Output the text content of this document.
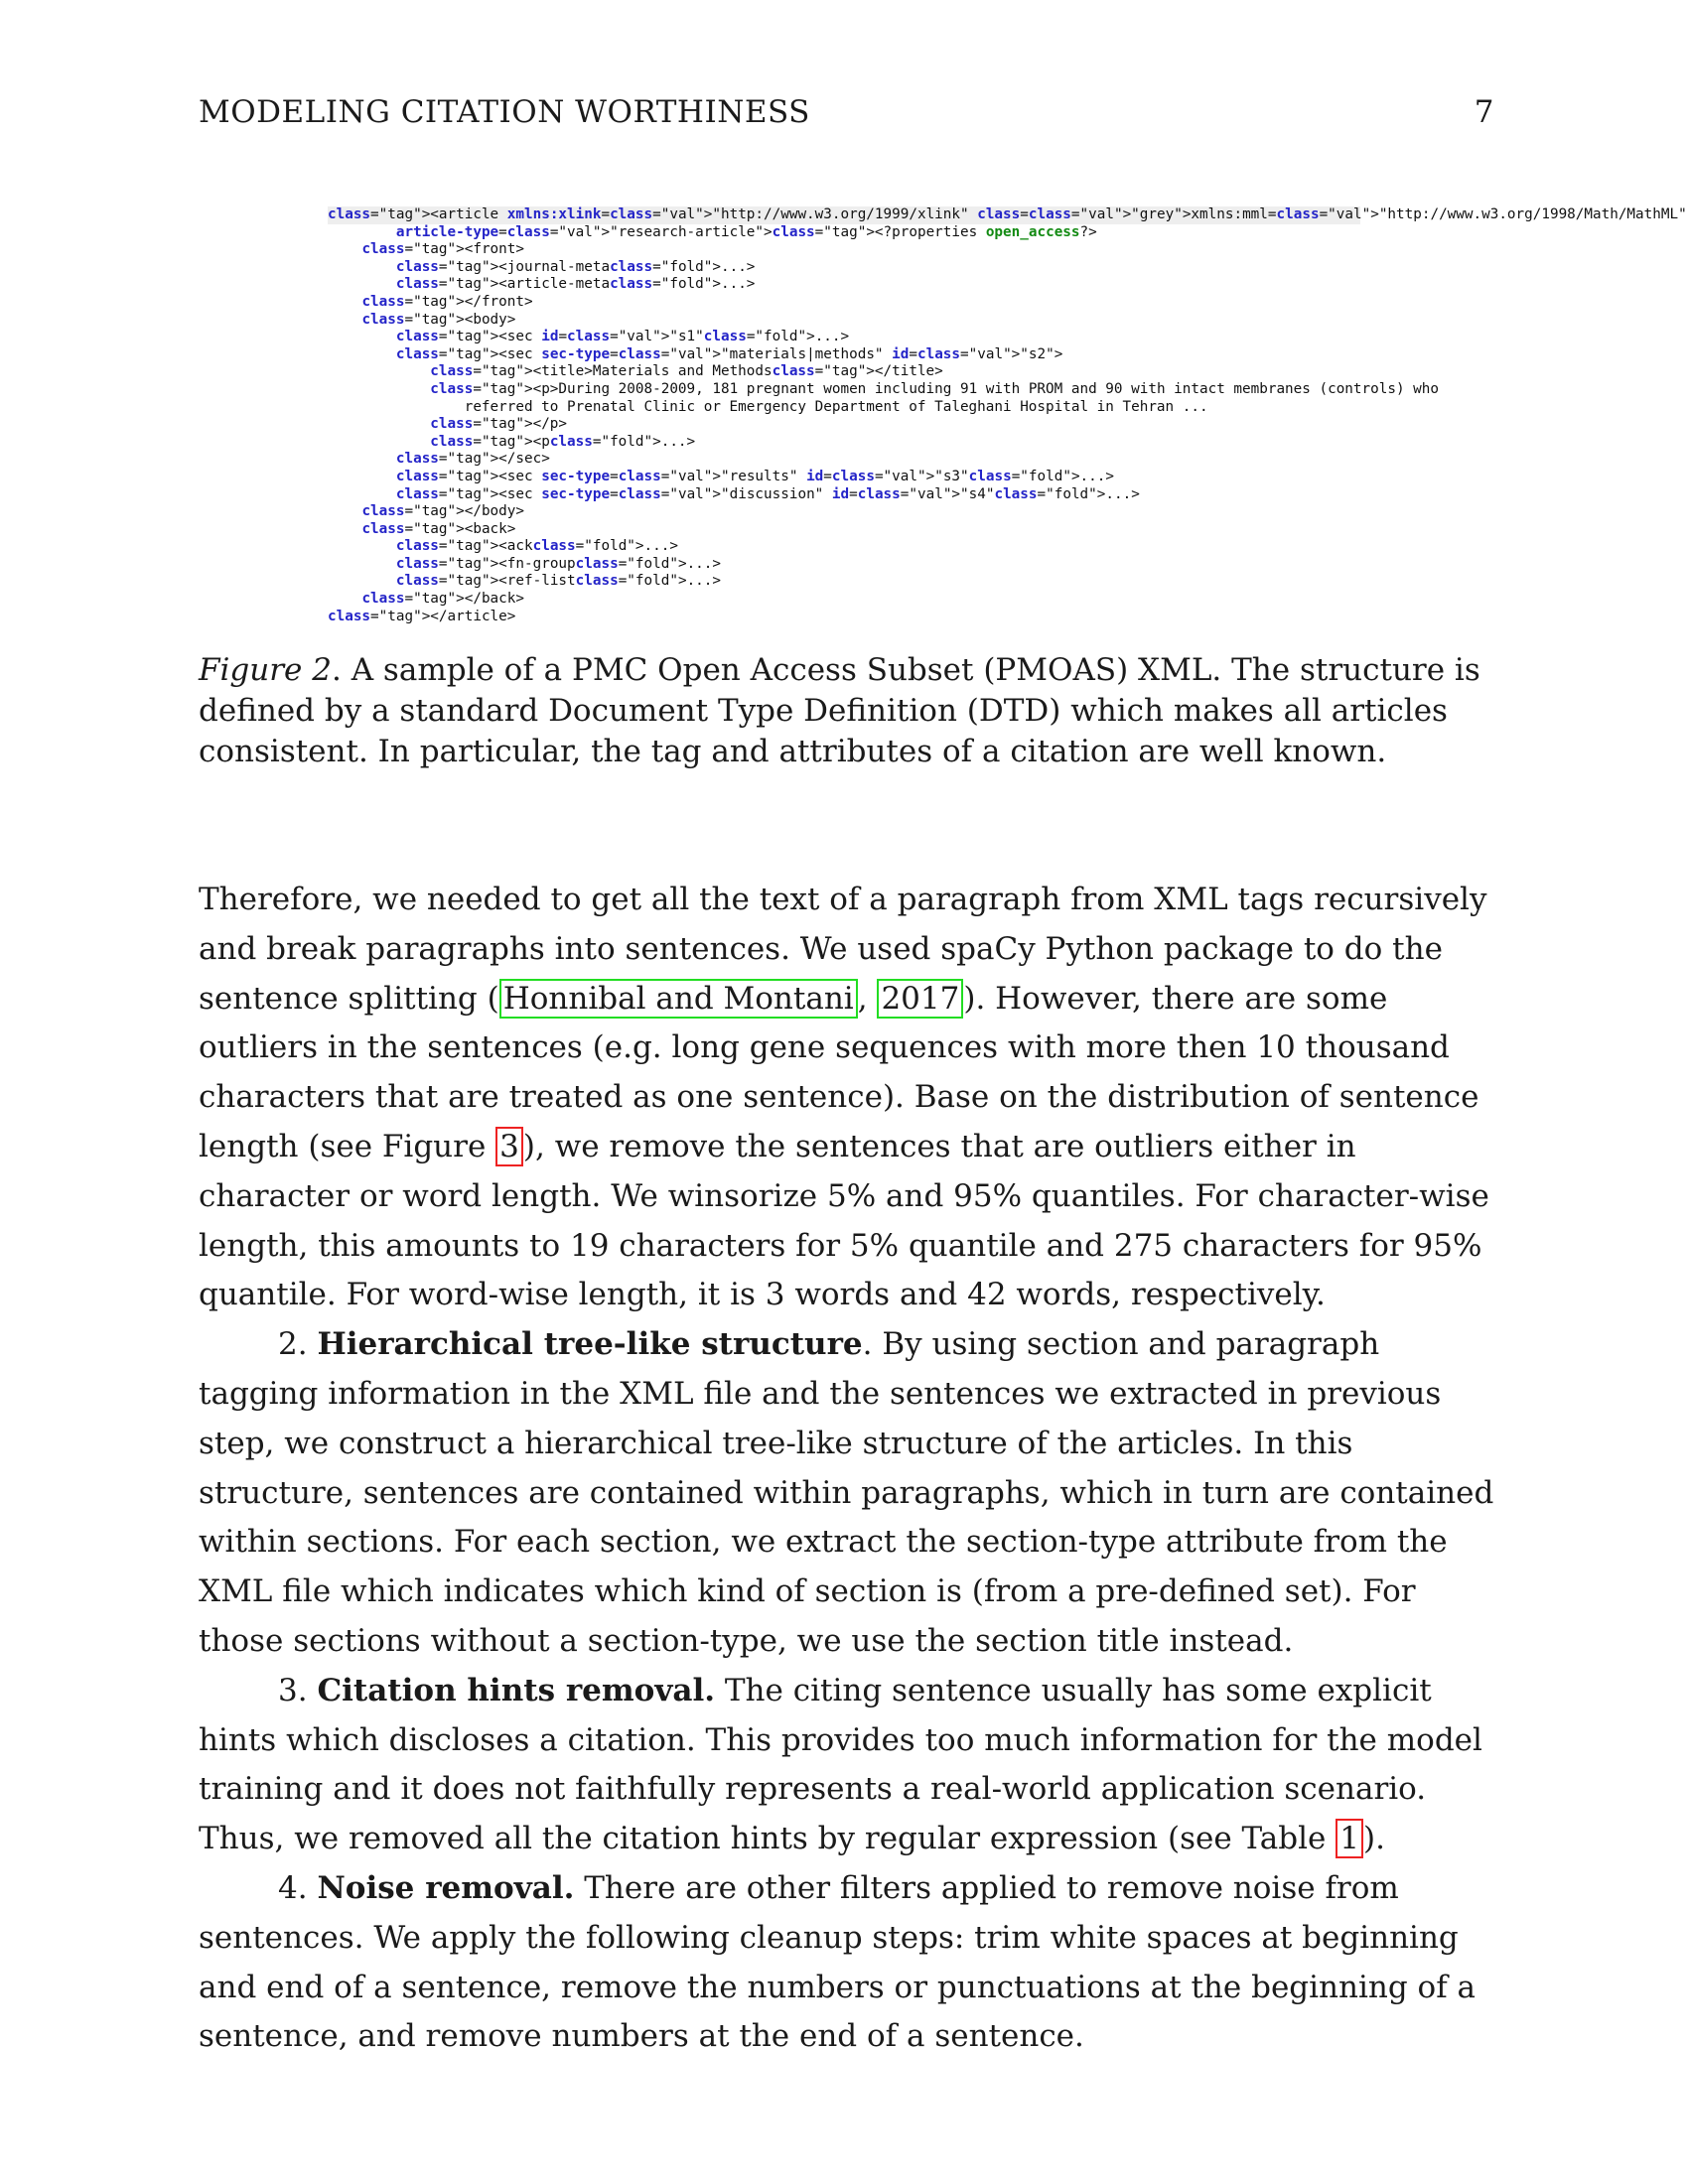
MODELING CITATION WORTHINESS	7
class="tag"><article xmlns:xlink=class="val">"http://www.w3.org/1999/xlink" class=class="val">"grey">xmlns:mml=class="val">"http://www.w3.org/1998/Math/MathML"
article-type=class="val">"research-article">class="tag"><?properties open_access?>
class="tag"><front>
class="tag"><journal-metaclass="fold">...>
class="tag"><article-metaclass="fold">...>
class="tag"></front>
class="tag"><body>
class="tag"><sec id=class="val">"s1"class="fold">...>
class="tag"><sec sec-type=class="val">"materials|methods" id=class="val">"s2">
class="tag"><title>Materials and Methodsclass="tag"></title>
class="tag"><p>During 2008-2009, 181 pregnant women including 91 with PROM and 90 with intact membranes (controls) who
referred to Prenatal Clinic or Emergency Department of Taleghani Hospital in Tehran ...
class="tag"></p>
class="tag"><pclass="fold">...>
class="tag"></sec>
class="tag"><sec sec-type=class="val">"results" id=class="val">"s3"class="fold">...>
class="tag"><sec sec-type=class="val">"discussion" id=class="val">"s4"class="fold">...>
class="tag"></body>
class="tag"><back>
class="tag"><ackclass="fold">...>
class="tag"><fn-groupclass="fold">...>
class="tag"><ref-listclass="fold">...>
class="tag"></back>
class="tag"></article>
Figure 2. A sample of a PMC Open Access Subset (PMOAS) XML. The structure is defined by a standard Document Type Definition (DTD) which makes all articles consistent. In particular, the tag and attributes of a citation are well known.

Therefore, we needed to get all the text of a paragraph from XML tags recursively and break paragraphs into sentences. We used spaCy Python package to do the sentence splitting ( Honnibal and Montani , 2017 ). However, there are some outliers in the sentences (e.g. long gene sequences with more then 10 thousand characters that are treated as one sentence). Base on the distribution of sentence length (see Figure 3 ), we remove the sentences that are outliers either in character or word length. We winsorize 5% and 95% quantiles. For character-wise length, this amounts to 19 characters for 5% quantile and 275 characters for 95% quantile. For word-wise length, it is 3 words and 42 words, respectively.

2. Hierarchical tree-like structure. By using section and paragraph tagging information in the XML file and the sentences we extracted in previous step, we construct a hierarchical tree-like structure of the articles. In this structure, sentences are contained within paragraphs, which in turn are contained within sections. For each section, we extract the section-type attribute from the XML file which indicates which kind of section is (from a pre-defined set). For those sections without a section-type, we use the section title instead.

3. Citation hints removal. The citing sentence usually has some explicit hints which discloses a citation. This provides too much information for the model training and it does not faithfully represents a real-world application scenario. Thus, we removed all the citation hints by regular expression (see Table 1 ).

4. Noise removal. There are other filters applied to remove noise from sentences. We apply the following cleanup steps: trim white spaces at beginning and end of a sentence, remove the numbers or punctuations at the beginning of a sentence, and remove numbers at the end of a sentence.
